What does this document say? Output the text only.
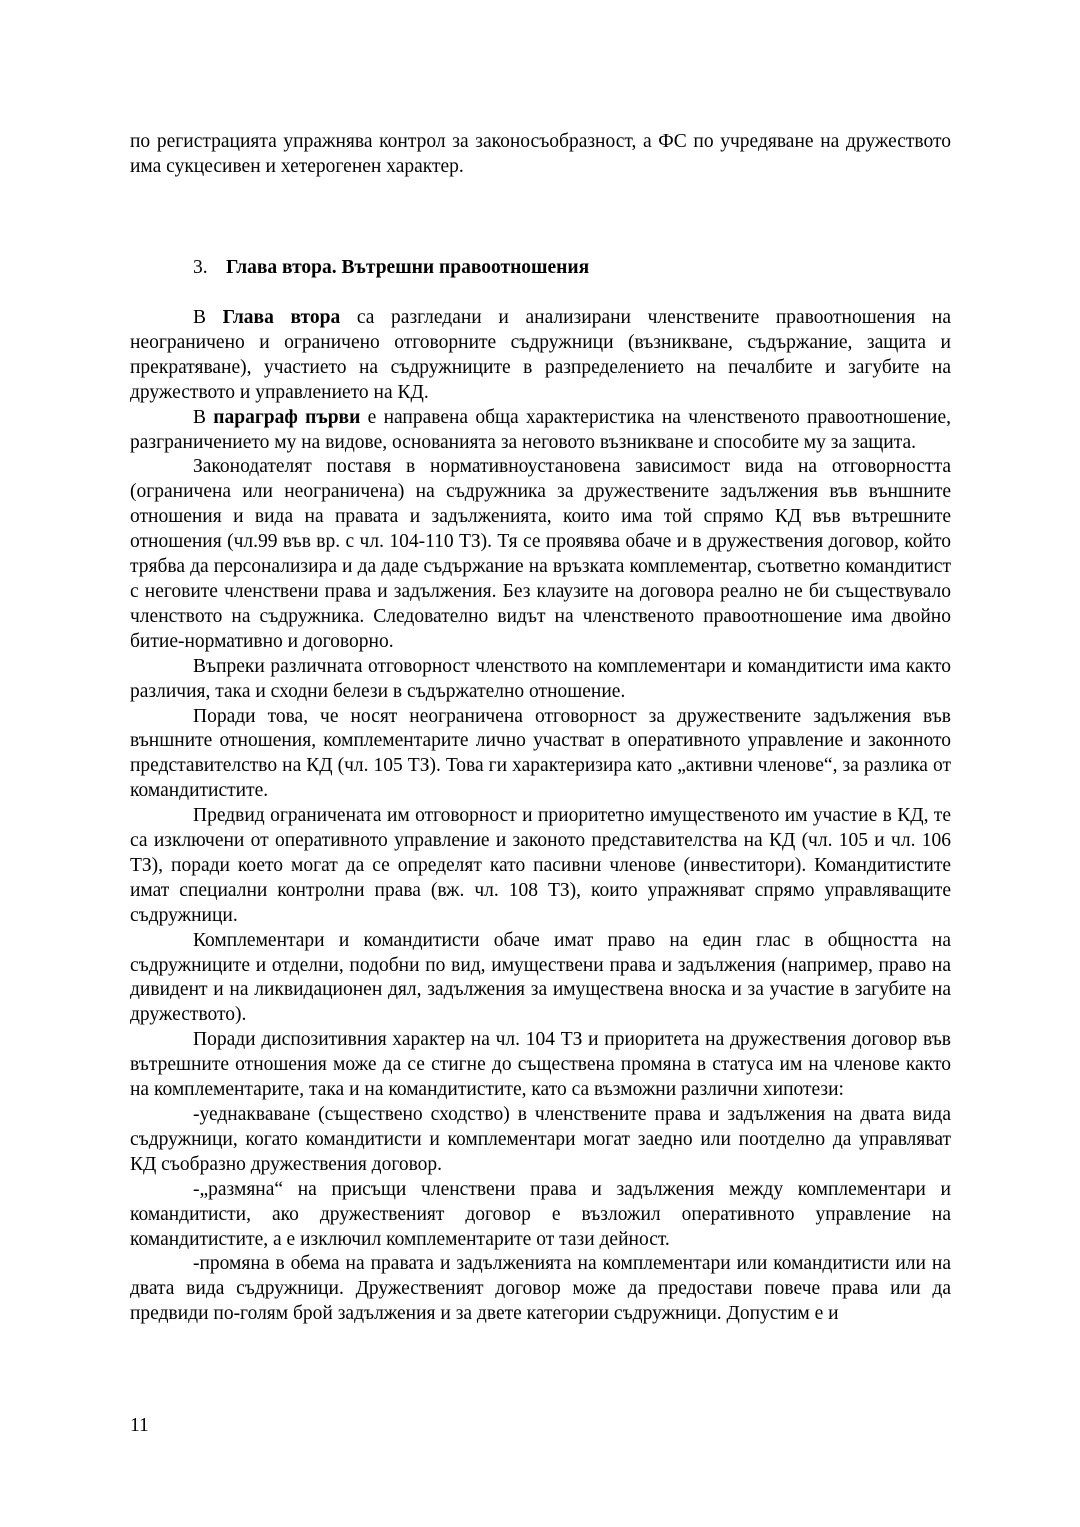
по регистрацията упражнява контрол за законосъобразност, а ФС по учредяване на дружеството има сукцесивен и хетерогенен характер.

3. Глава втора. Вътрешни правоотношения

В Глава втора са разгледани и анализирани членствените правоотношения на неограничено и ограничено отговорните съдружници (възникване, съдържание, защита и прекратяване), участието на съдружниците в разпределението на печалбите и загубите на дружеството и управлението на КД.

В параграф първи е направена обща характеристика на членственото правоотношение, разграничението му на видове, основанията за неговото възникване и способите му за защита.

Законодателят поставя в нормативноустановена зависимост вида на отговорността (ограничена или неограничена) на съдружника за дружествените задължения във външните отношения и вида на правата и задълженията, които има той спрямо КД във вътрешните отношения (чл.99 във вр. с чл. 104-110 ТЗ). Тя се проявява обаче и в дружествения договор, който трябва да персонализира и да даде съдържание на връзката комплементар, съответно командитист с неговите членствени права и задължения. Без клаузите на договора реално не би съществувало членството на съдружника. Следователно видът на членственото правоотношение има двойно битие-нормативно и договорно.

Въпреки различната отговорност членството на комплементари и командитисти има както различия, така и сходни белези в съдържателно отношение.

Поради това, че носят неограничена отговорност за дружествените задължения във външните отношения, комплементарите лично участват в оперативното управление и законното представителство на КД (чл. 105 ТЗ). Това ги характеризира като „активни членове“, за разлика от командитистите.

Предвид ограничената им отговорност и приоритетно имущественото им участие в КД, те са изключени от оперативното управление и законото представителства на КД (чл. 105 и чл. 106 ТЗ), поради което могат да се определят като пасивни членове (инвеститори). Командитистите имат специални контролни права (вж. чл. 108 ТЗ), които упражняват спрямо управляващите съдружници.

Комплементари и командитисти обаче имат право на един глас в общността на съдружниците и отделни, подобни по вид, имуществени права и задължения (например, право на дивидент и на ликвидационен дял, задължения за имуществена вноска и за участие в загубите на дружеството).

Поради диспозитивния характер на чл. 104 ТЗ и приоритета на дружествения договор във вътрешните отношения може да се стигне до съществена промяна в статуса им на членове както на комплементарите, така и на командитистите, като са възможни различни хипотези:

-уеднакваване (съществено сходство) в членствените права и задължения на двата вида съдружници, когато командитисти и комплементари могат заедно или поотделно да управляват КД съобразно дружествения договор.

-„размяна“ на присъщи членствени права и задължения между комплементари и командитисти, ако дружественият договор е възложил оперативното управление на командитистите, а е изключил комплементарите от тази дейност.

-промяна в обема на правата и задълженията на комплементари или командитисти или на двата вида съдружници. Дружественият договор може да предостави повече права или да предвиди по-голям брой задължения и за двете категории съдружници. Допустим е и

11
